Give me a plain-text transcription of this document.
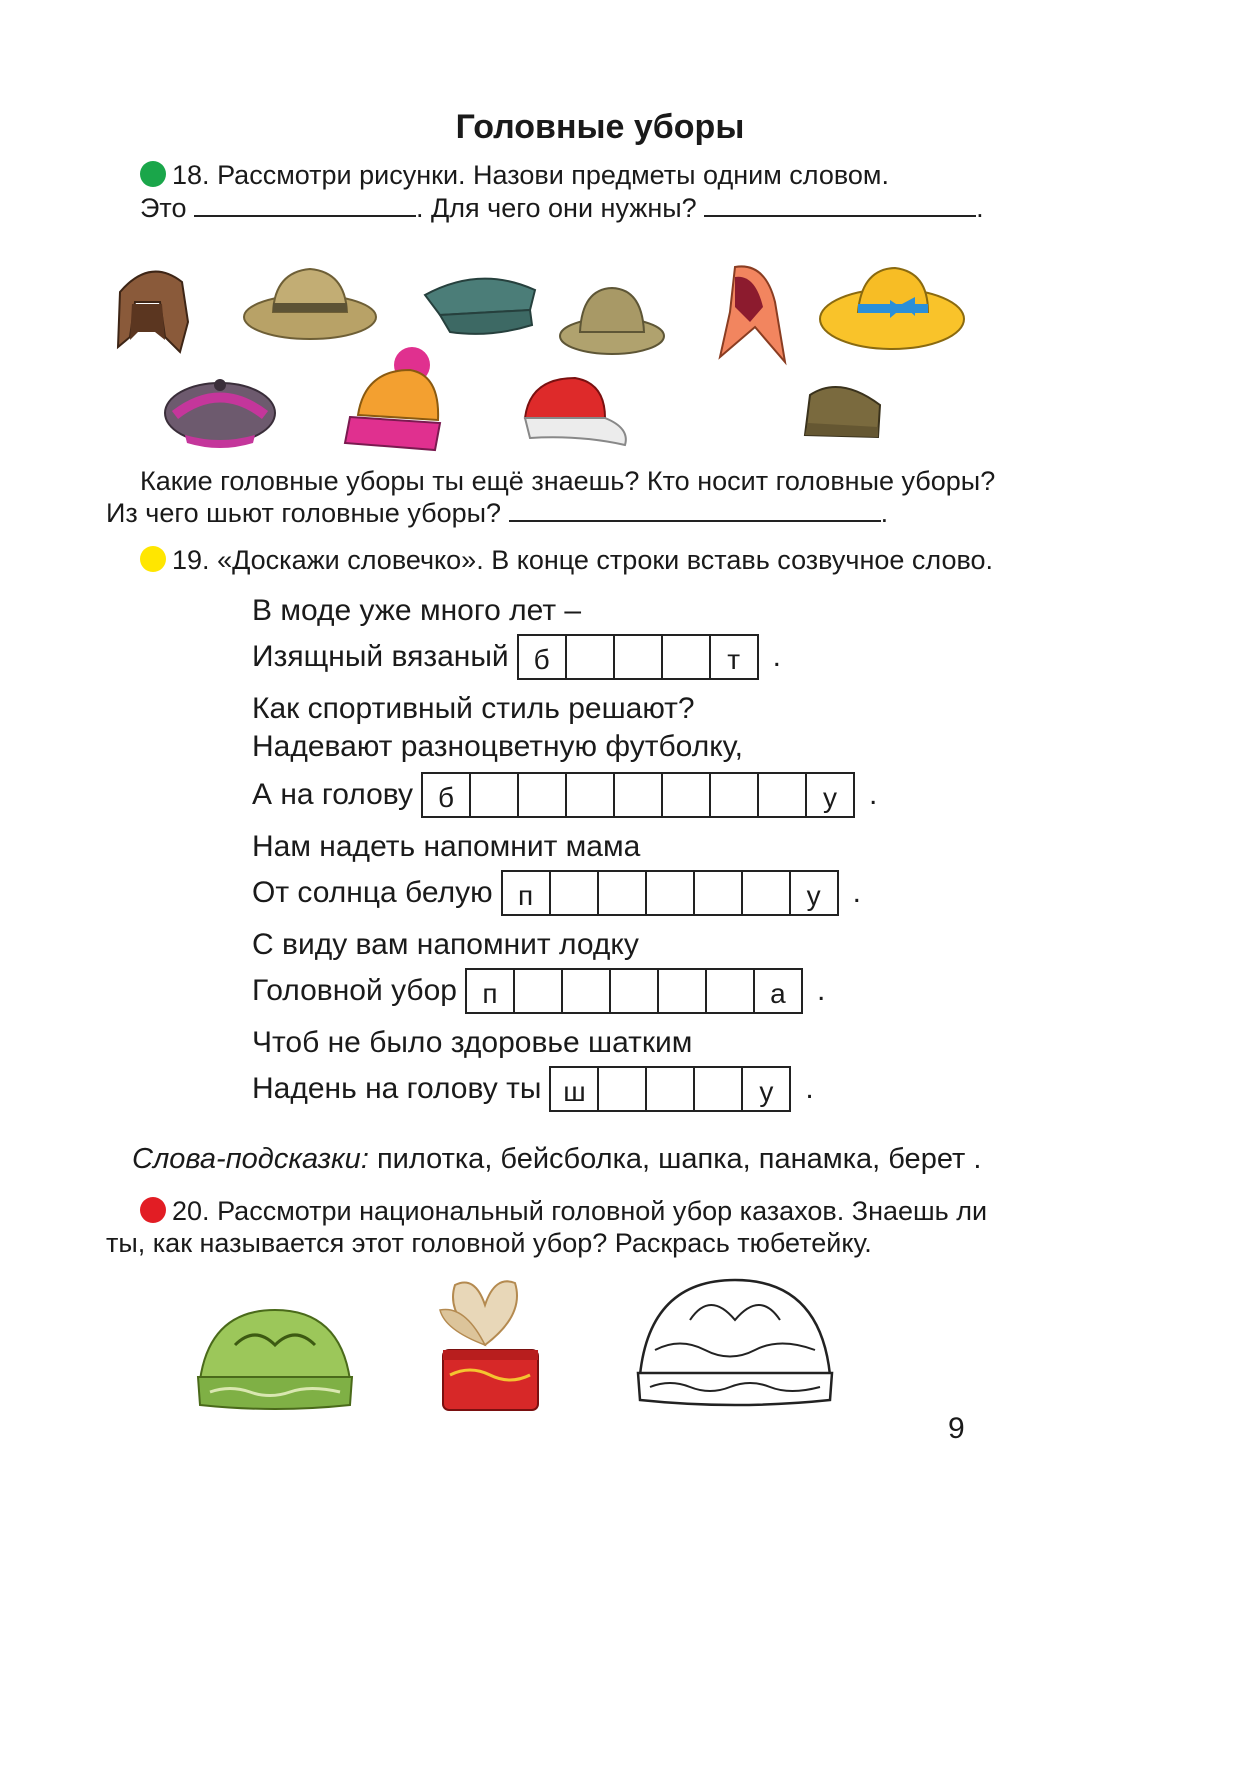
Головные уборы
18. Рассмотри рисунки. Назови предметы одним словом.
Это	. Для чего они нужны?	.
Какие головные уборы ты ещё знаешь? Кто носит головные уборы?
Из чего шьют головные уборы?	.
19. «Доскажи словечко». В конце строки вставь созвучное слово.
В моде уже много лет –
Изящный вязаный б	т	.
Как спортивный стиль решают?
Надевают разноцветную футболку,
А на голову б	у	.
Нам надеть напомнит мама
От солнца белую п	у	.
С виду вам напомнит лодку
Головной убор п	а	.
Чтоб не было здоровье шатким
Надень на голову ты ш	у	.
Слова-подсказки: пилотка, бейсболка, шапка, панамка, берет .
20. Рассмотри национальный головной убор казахов. Знаешь ли
ты, как называется этот головной убор? Раскрась тюбетейку.
9
